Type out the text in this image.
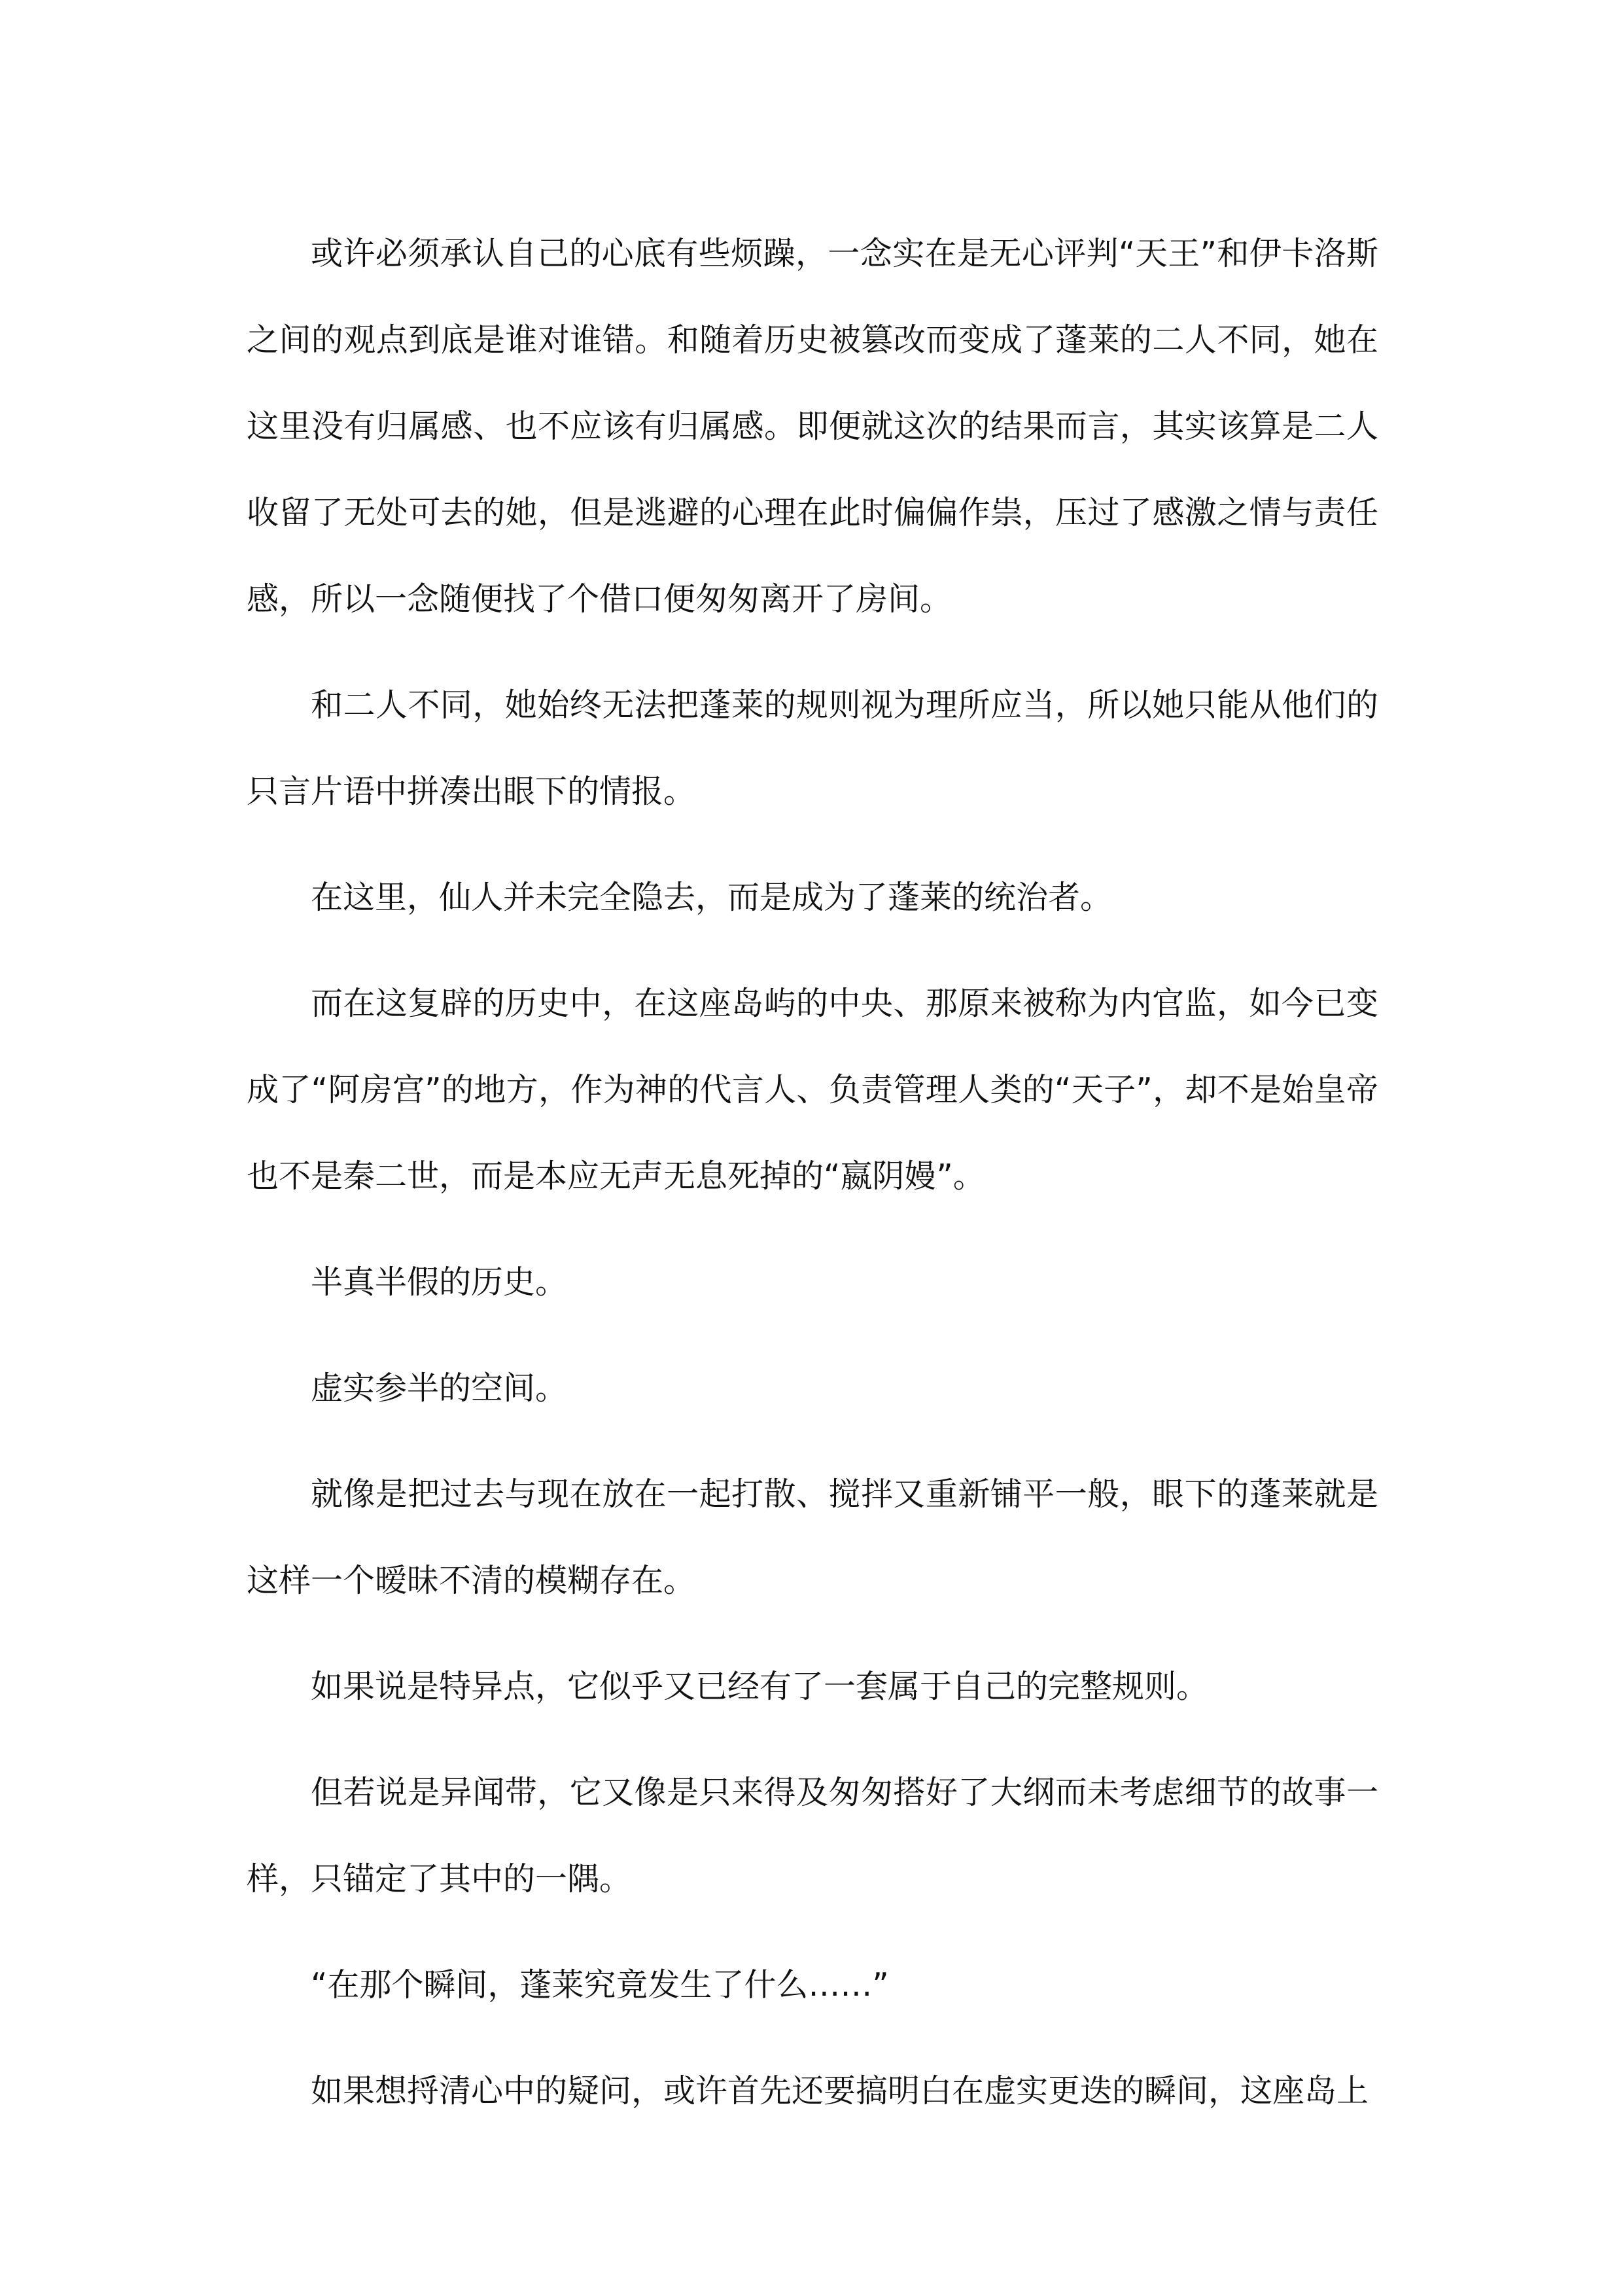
或许必须承认自己的心底有些烦躁，一念实在是无心评判“天王”和伊卡洛斯之间的观点到底是谁对谁错。和随着历史被篡改而变成了蓬莱的二人不同，她在这里没有归属感、也不应该有归属感。即便就这次的结果而言，其实该算是二人收留了无处可去的她，但是逃避的心理在此时偏偏作祟，压过了感激之情与责任感，所以一念随便找了个借口便匆匆离开了房间。

和二人不同，她始终无法把蓬莱的规则视为理所应当，所以她只能从他们的只言片语中拼凑出眼下的情报。

在这里，仙人并未完全隐去，而是成为了蓬莱的统治者。

而在这复辟的历史中，在这座岛屿的中央、那原来被称为内官监，如今已变成了“阿房宫”的地方，作为神的代言人、负责管理人类的“天子”，却不是始皇帝也不是秦二世，而是本应无声无息死掉的“嬴阴嫚”。

半真半假的历史。

虚实参半的空间。

就像是把过去与现在放在一起打散、搅拌又重新铺平一般，眼下的蓬莱就是这样一个暧昧不清的模糊存在。

如果说是特异点，它似乎又已经有了一套属于自己的完整规则。

但若说是异闻带，它又像是只来得及匆匆搭好了大纲而未考虑细节的故事一样，只锚定了其中的一隅。

“在那个瞬间，蓬莱究竟发生了什么……”

如果想捋清心中的疑问，或许首先还要搞明白在虚实更迭的瞬间，这座岛上
